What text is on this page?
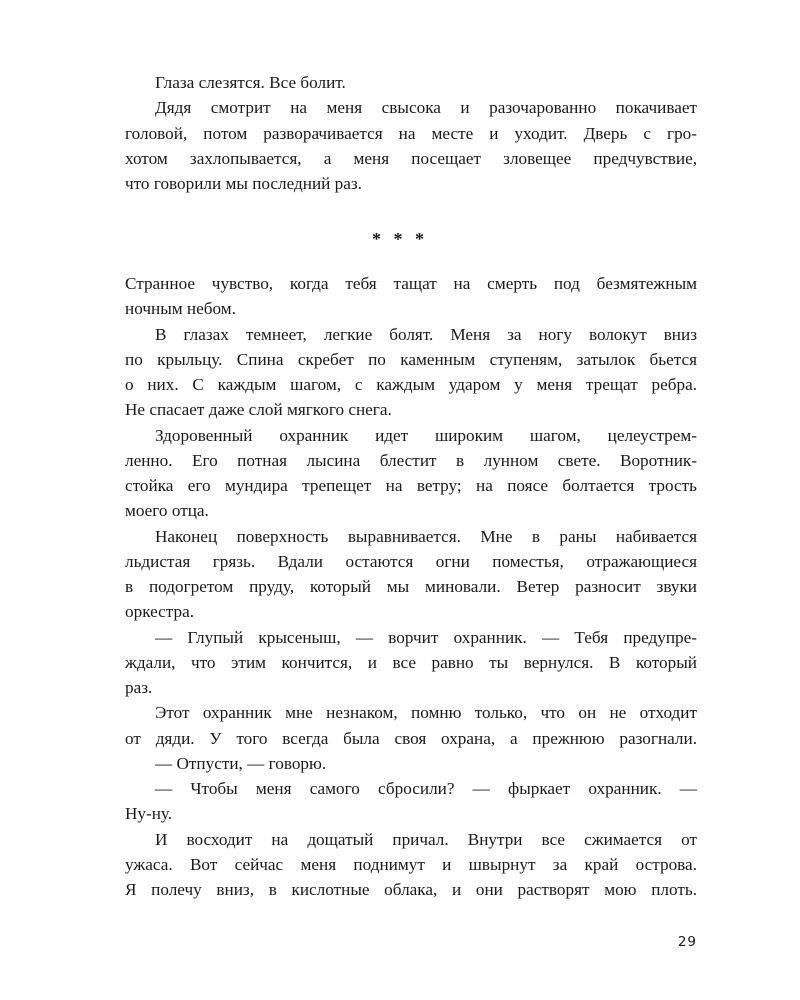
Глаза слезятся. Все болит.
Дядя смотрит на меня свысока и разочарованно покачивает
головой, потом разворачивается на месте и уходит. Дверь с гро-
хотом захлопывается, а меня посещает зловещее предчувствие,
что говорили мы последний раз.
* * *
Странное чувство, когда тебя тащат на смерть под безмятежным
ночным небом.
В глазах темнеет, легкие болят. Меня за ногу волокут вниз
по крыльцу. Спина скребет по каменным ступеням, затылок бьется
о них. С каждым шагом, с каждым ударом у меня трещат ребра.
Не спасает даже слой мягкого снега.
Здоровенный охранник идет широким шагом, целеустрем-
ленно. Его потная лысина блестит в лунном свете. Воротник-
стойка его мундира трепещет на ветру; на поясе болтается трость
моего отца.
Наконец поверхность выравнивается. Мне в раны набивается
льдистая грязь. Вдали остаются огни поместья, отражающиеся
в подогретом пруду, который мы миновали. Ветер разносит звуки
оркестра.
— Глупый крысеныш, — ворчит охранник. — Тебя предупре-
ждали, что этим кончится, и все равно ты вернулся. В который
раз.
Этот охранник мне незнаком, помню только, что он не отходит
от дяди. У того всегда была своя охрана, а прежнюю разогнали.
— Отпусти, — говорю.
— Чтобы меня самого сбросили? — фыркает охранник. —
Ну-ну.
И восходит на дощатый причал. Внутри все сжимается от
ужаса. Вот сейчас меня поднимут и швырнут за край острова.
Я полечу вниз, в кислотные облака, и они растворят мою плоть.
29
